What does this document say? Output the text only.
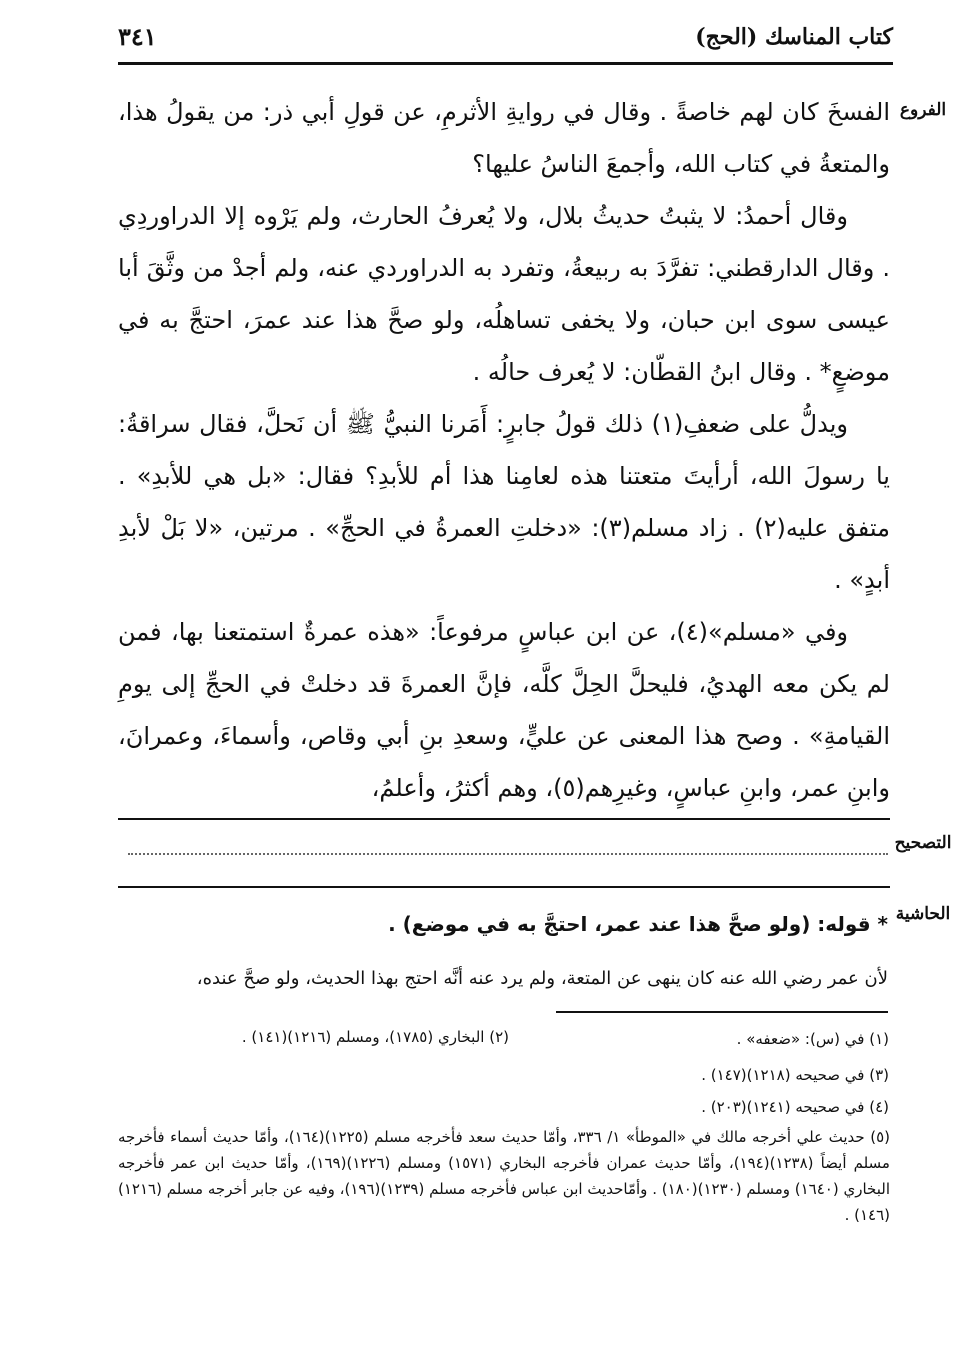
كتاب المناسك (الحج)
٣٤١
الفروع

الفسخَ كان لهم خاصةً . وقال في روايةِ الأثرمِ، عن قولِ أبي ذر: من يقولُ هذا، والمتعةُ في كتاب الله، وأجمعَ الناسُ عليها؟

وقال أحمدُ: لا يثبتُ حديثُ بلال، ولا يُعرفُ الحارث، ولم يَرْوه إلا الدراوردِي . وقال الدارقطني: تفرَّدَ به ربيعةُ، وتفرد به الدراوردي عنه، ولم أجدْ من وثَّقَ أبا عيسى سوى ابن حبان، ولا يخفى تساهلُه، ولو صحَّ هذا عند عمرَ، احتجَّ به في موضعٍ* . وقال ابنُ القطّان: لا يُعرف حالُه .

ويدلُّ على ضعفِ(١) ذلك قولُ جابرٍ: أَمَرنا النبيُّ ﷺ أن نَحلَّ، فقال سراقةُ: يا رسولَ الله، أرأيتَ متعتنا هذه لعامِنا هذا أم للأبدِ؟ فقال: «بل هي للأبدِ» . متفق عليه(٢) . زاد مسلم(٣): «دخلتِ العمرةُ في الحجِّ» . مرتين، «لا بَلْ لأبدِ أبدٍ» .

وفي «مسلم»(٤)، عن ابن عباسٍ مرفوعاً: «هذه عمرةٌ استمتعنا بها، فمن لم يكن معه الهديُ، فليحلَّ الحِلَّ كلَّه، فإنَّ العمرةَ قد دخلتْ في الحجِّ إلى يومِ القيامةِ» . وصح هذا المعنى عن عليٍّ، وسعدِ بنِ أبي وقاص، وأسماءَ، وعمرانَ، وابنِ عمر، وابنِ عباسٍ، وغيرِهم(٥)، وهم أكثرُ، وأعلمُ،

التصحيح
الحاشية
* قوله: (ولو صحَّ هذا عند عمر، احتجَّ به في موضع) .
لأن عمر رضي الله عنه كان ينهى عن المتعة، ولم يرد عنه أنَّه احتج بهذا الحديث، ولو صحَّ عنده،
(١) في (س): «ضعفه» .
(٢) البخاري (١٧٨٥)، ومسلم (١٢١٦)(١٤١) .
(٣) في صحيحه (١٢١٨)(١٤٧) .
(٤) في صحيحه (١٢٤١)(٢٠٣) .
(٥) حديث علي أخرجه مالك في «الموطأ» ١/ ٣٣٦، وأمّا حديث سعد فأخرجه مسلم (١٢٢٥)(١٦٤)، وأمّا حديث أسماء فأخرجه مسلم أيضاً (١٢٣٨)(١٩٤)، وأمّا حديث عمران فأخرجه البخاري (١٥٧١) ومسلم (١٢٢٦)(١٦٩)، وأمّا حديث ابن عمر فأخرجه البخاري (١٦٤٠) ومسلم (١٢٣٠)(١٨٠) . وأمّاحديث ابن عباس فأخرجه مسلم (١٢٣٩)(١٩٦)، وفيه عن جابر أخرجه مسلم (١٢١٦)(١٤٦) .
